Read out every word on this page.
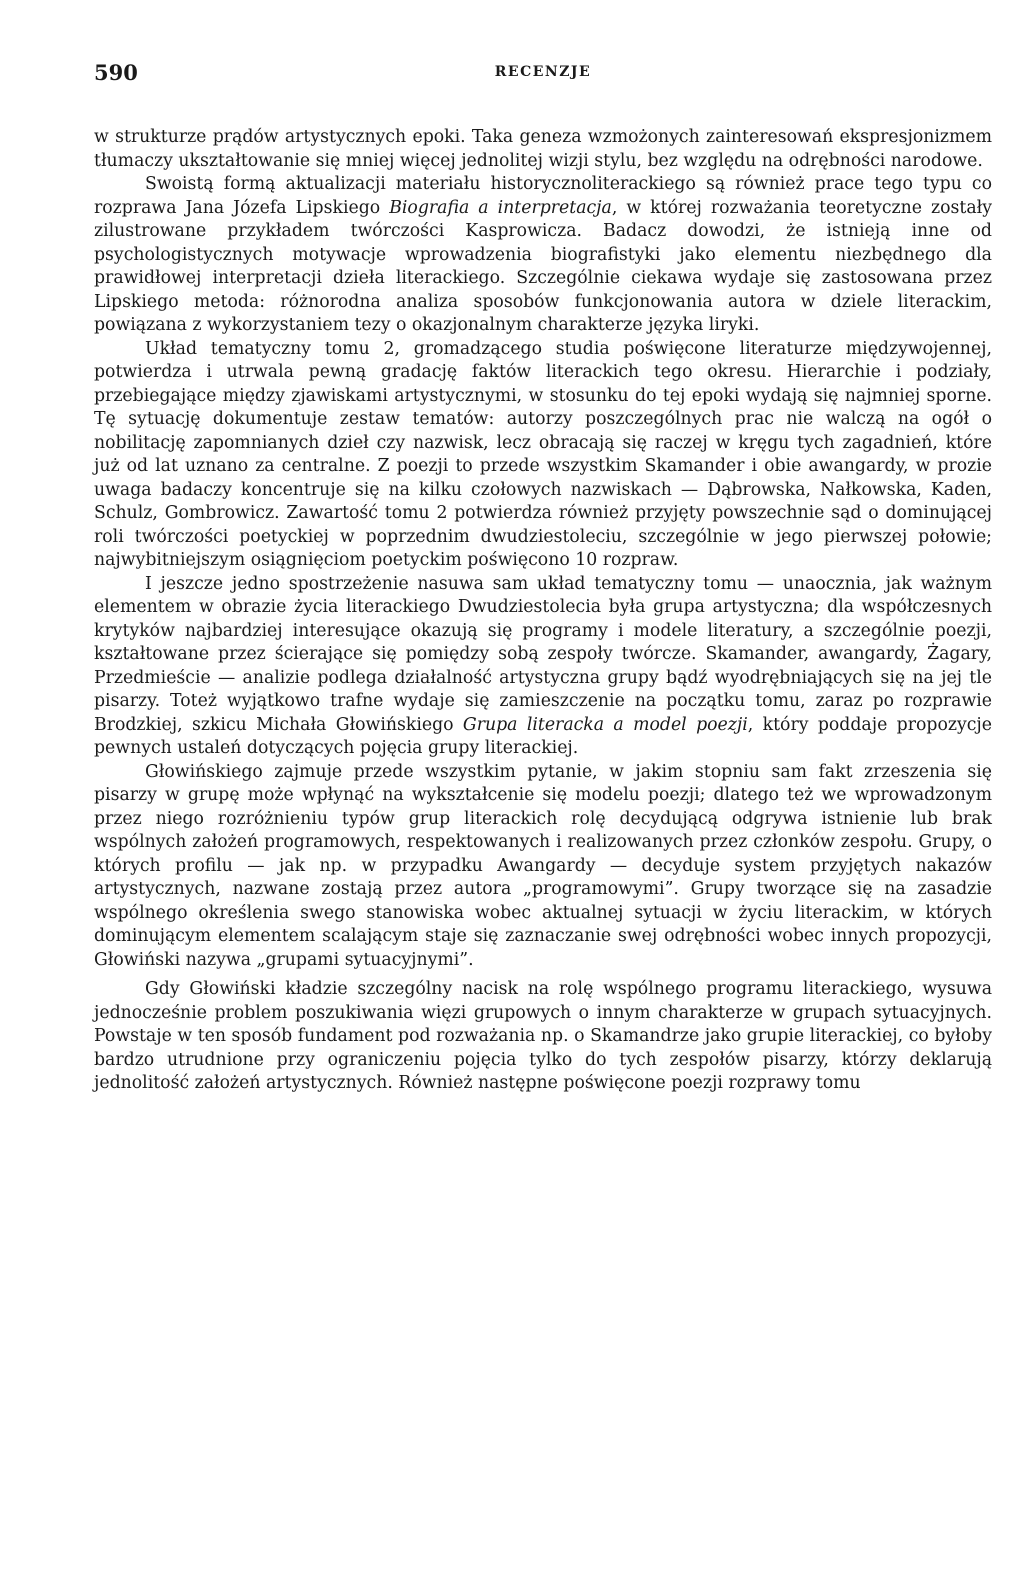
590	RECENZJE

w strukturze prądów artystycznych epoki. Taka geneza wzmożonych zainteresowań ekspresjonizmem tłumaczy ukształtowanie się mniej więcej jednolitej wizji stylu, bez względu na odrębności narodowe.

Swoistą formą aktualizacji materiału historycznoliterackiego są również prace tego typu co rozprawa Jana Józefa Lipskiego Biografia a interpretacja, w której rozważania teoretyczne zostały zilustrowane przykładem twórczości Kasprowicza. Badacz dowodzi, że istnieją inne od psychologistycznych motywacje wprowadzenia biografistyki jako elementu niezbędnego dla prawidłowej interpretacji dzieła literackiego. Szczególnie ciekawa wydaje się zastosowana przez Lipskiego metoda: różnorodna analiza sposobów funkcjonowania autora w dziele literackim, powiązana z wykorzystaniem tezy o okazjonalnym charakterze języka liryki.

Układ tematyczny tomu 2, gromadzącego studia poświęcone literaturze międzywojennej, potwierdza i utrwala pewną gradację faktów literackich tego okresu. Hierarchie i podziały, przebiegające między zjawiskami artystycznymi, w stosunku do tej epoki wydają się najmniej sporne. Tę sytuację dokumentuje zestaw tematów: autorzy poszczególnych prac nie walczą na ogół o nobilitację zapomnianych dzieł czy nazwisk, lecz obracają się raczej w kręgu tych zagadnień, które już od lat uznano za centralne. Z poezji to przede wszystkim Skamander i obie awangardy, w prozie uwaga badaczy koncentruje się na kilku czołowych nazwiskach — Dąbrowska, Nałkowska, Kaden, Schulz, Gombrowicz. Zawartość tomu 2 potwierdza również przyjęty powszechnie sąd o dominującej roli twórczości poetyckiej w poprzednim dwudziestoleciu, szczególnie w jego pierwszej połowie; najwybitniejszym osiągnięciom poetyckim poświęcono 10 rozpraw.

I jeszcze jedno spostrzeżenie nasuwa sam układ tematyczny tomu — unaocznia, jak ważnym elementem w obrazie życia literackiego Dwudziestolecia była grupa artystyczna; dla współczesnych krytyków najbardziej interesujące okazują się programy i modele literatury, a szczególnie poezji, kształtowane przez ścierające się pomiędzy sobą zespoły twórcze. Skamander, awangardy, Żagary, Przedmieście — analizie podlega działalność artystyczna grupy bądź wyodrębniających się na jej tle pisarzy. Toteż wyjątkowo trafne wydaje się zamieszczenie na początku tomu, zaraz po rozprawie Brodzkiej, szkicu Michała Głowińskiego Grupa literacka a model poezji, który poddaje propozycje pewnych ustaleń dotyczących pojęcia grupy literackiej.

Głowińskiego zajmuje przede wszystkim pytanie, w jakim stopniu sam fakt zrzeszenia się pisarzy w grupę może wpłynąć na wykształcenie się modelu poezji; dlatego też we wprowadzonym przez niego rozróżnieniu typów grup literackich rolę decydującą odgrywa istnienie lub brak wspólnych założeń programowych, respektowanych i realizowanych przez członków zespołu. Grupy, o których profilu — jak np. w przypadku Awangardy — decyduje system przyjętych nakazów artystycznych, nazwane zostają przez autora „programowymi”. Grupy tworzące się na zasadzie wspólnego określenia swego stanowiska wobec aktualnej sytuacji w życiu literackim, w których dominującym elementem scalającym staje się zaznaczanie swej odrębności wobec innych propozycji, Głowiński nazywa „grupami sytuacyjnymi”.

Gdy Głowiński kładzie szczególny nacisk na rolę wspólnego programu literackiego, wysuwa jednocześnie problem poszukiwania więzi grupowych o innym charakterze w grupach sytuacyjnych. Powstaje w ten sposób fundament pod rozważania np. o Skamandrze jako grupie literackiej, co byłoby bardzo utrudnione przy ograniczeniu pojęcia tylko do tych zespołów pisarzy, którzy deklarują jednolitość założeń artystycznych. Również następne poświęcone poezji rozprawy tomu
